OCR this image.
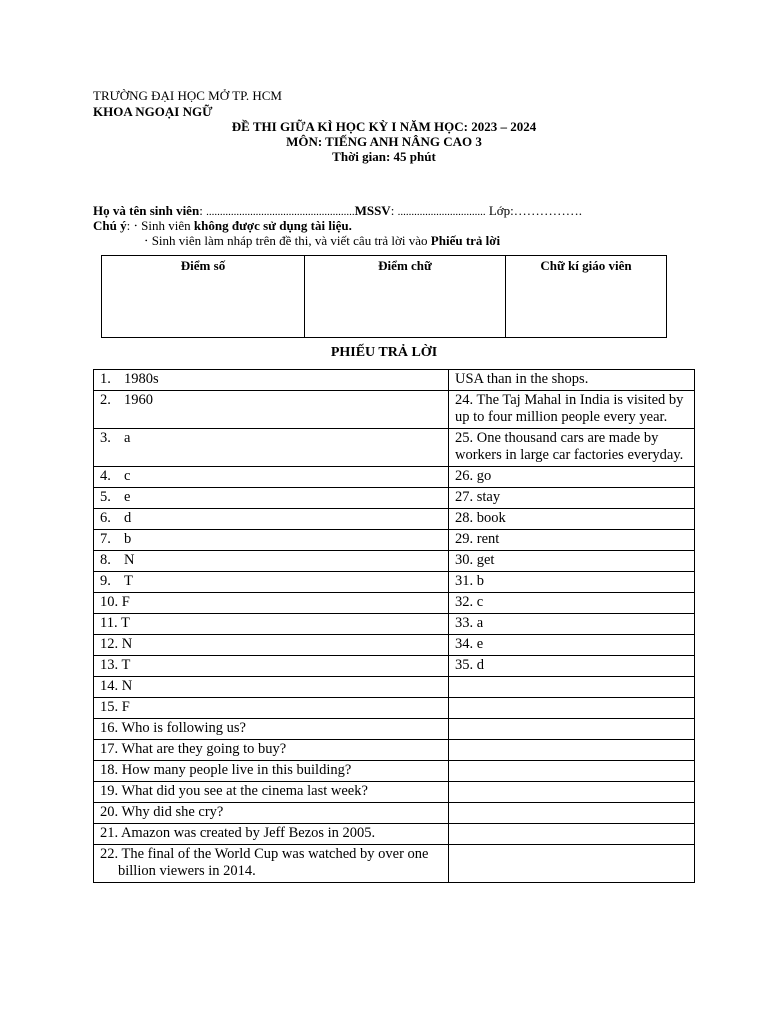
TRƯỜNG ĐẠI HỌC MỞ TP. HCM
KHOA NGOẠI NGỮ
ĐỀ THI GIỮA KÌ HỌC KỲ I NĂM HỌC: 2023 – 2024
MÔN: TIẾNG ANH NÂNG CAO 3
Thời gian: 45 phút
Họ và tên sinh viên: ......................................................MSSV: ................................ Lớp:…………….
Chú ý: ⋅ Sinh viên không được sử dụng tài liệu.
⋅ Sinh viên làm nháp trên đề thi, và viết câu trả lời vào Phiếu trả lời
Điểm số	Điểm chữ	Chữ kí giáo viên
PHIẾU TRẢ LỜI
1. 1980s	USA than in the shops.
2. 1960	24. The Taj Mahal in India is visited by up to four million people every year.
3. a	25. One thousand cars are made by workers in large car factories everyday.
4. c	26. go
5. e	27. stay
6. d	28. book
7. b	29. rent
8. N	30. get
9. T	31. b
10. F	32. c
11. T	33. a
12. N	34. e
13. T	35. d
14. N	
15. F	
16. Who is following us?	
17. What are they going to buy?	
18. How many people live in this building?	
19. What did you see at the cinema last week?	
20. Why did she cry?	
21. Amazon was created by Jeff Bezos in 2005.	
22. The final of the World Cup was watched by over one billion viewers in 2014.	
